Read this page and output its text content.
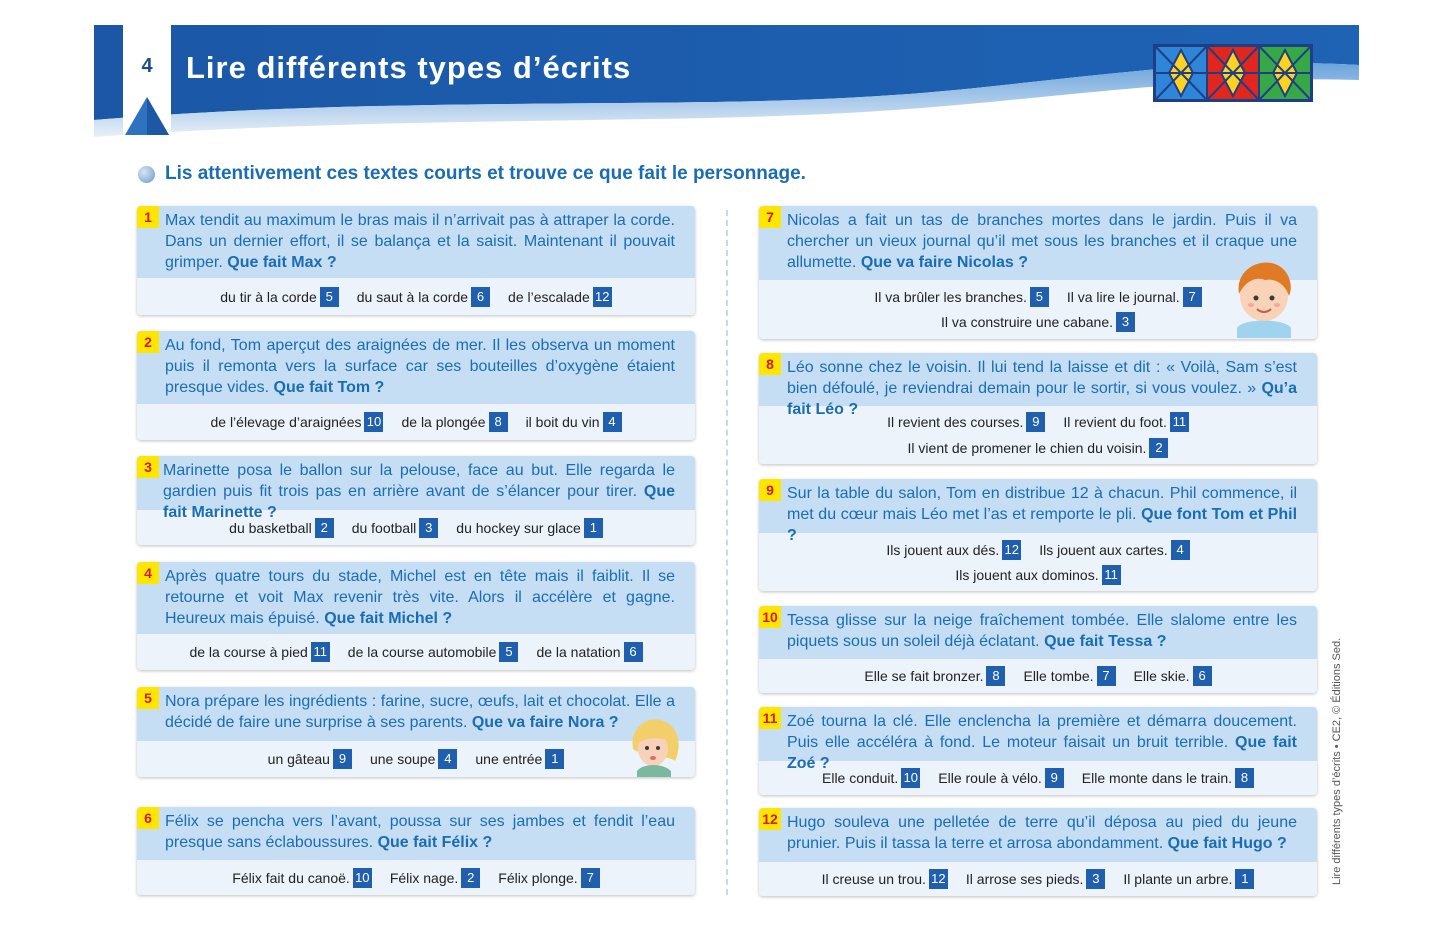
4	Lire différents types d’écrits
Lis attentivement ces textes courts et trouve ce que fait le personnage.
Max tendit au maximum le bras mais il n’arrivait pas à attraper la corde. Dans un dernier effort, il se balança et la saisit. Maintenant il pouvait grimper. Que fait Max ?
du tir à la corde 5	du saut à la corde 6	de l’escalade 12
1
Au fond, Tom aperçut des araignées de mer. Il les observa un moment puis il remonta vers la surface car ses bouteilles d’oxygène étaient presque vides. Que fait Tom ?
de l’élevage d’araignées 10 de la plongée 8	il boit du vin 4
2
Marinette posa le ballon sur la pelouse, face au but. Elle regarda le gardien puis fit trois pas en arrière avant de s’élancer pour tirer. Que fait Marinette ?
du basketball 2	du football 3	du hockey sur glace 1
3
Après quatre tours du stade, Michel est en tête mais il faiblit. Il se retourne et voit Max revenir très vite. Alors il accélère et gagne. Heureux mais épuisé. Que fait Michel ?
de la course à pied 11 de la course automobile 5	de la natation 6
4
Nora prépare les ingrédients : farine, sucre, œufs, lait et chocolat. Elle a décidé de faire une surprise à ses parents. Que va faire Nora ?
un gâteau 9	une soupe 4	une entrée 1
5
Félix se pencha vers l’avant, poussa sur ses jambes et fendit l’eau presque sans éclaboussures. Que fait Félix ?
Félix fait du canoë. 10 Félix nage. 2	Félix plonge. 7
6
Nicolas a fait un tas de branches mortes dans le jardin. Puis il va chercher un vieux journal qu’il met sous les branches et il craque une allumette. Que va faire Nicolas ?
Il va brûler les branches. 5	Il va lire le journal. 7
Il va construire une cabane. 3
7
Léo sonne chez le voisin. Il lui tend la laisse et dit : « Voilà, Sam s’est bien défoulé, je reviendrai demain pour le sortir, si vous voulez. » Qu’a fait Léo ?
Il revient des courses. 9	Il revient du foot. 11
Il vient de promener le chien du voisin. 2
8
Sur la table du salon, Tom en distribue 12 à chacun. Phil commence, il met du cœur mais Léo met l’as et remporte le pli. Que font Tom et Phil ?
Ils jouent aux dés. 12 Ils jouent aux cartes. 4
Ils jouent aux dominos. 11
9
Tessa glisse sur la neige fraîchement tombée. Elle slalome entre les piquets sous un soleil déjà éclatant. Que fait Tessa ?
Elle se fait bronzer. 8	Elle tombe. 7	Elle skie. 6
10
Zoé tourna la clé. Elle enclencha la première et démarra doucement. Puis elle accéléra à fond. Le moteur faisait un bruit terrible. Que fait Zoé ?
Elle conduit. 10 Elle roule à vélo. 9	Elle monte dans le train. 8
11
Hugo souleva une pelletée de terre qu’il déposa au pied du jeune prunier. Puis il tassa la terre et arrosa abondamment. Que fait Hugo ?
Il creuse un trou. 12 Il arrose ses pieds. 3	Il plante un arbre. 1
12	Lire différents types d’écrits • CE2, © Éditions Sed.
